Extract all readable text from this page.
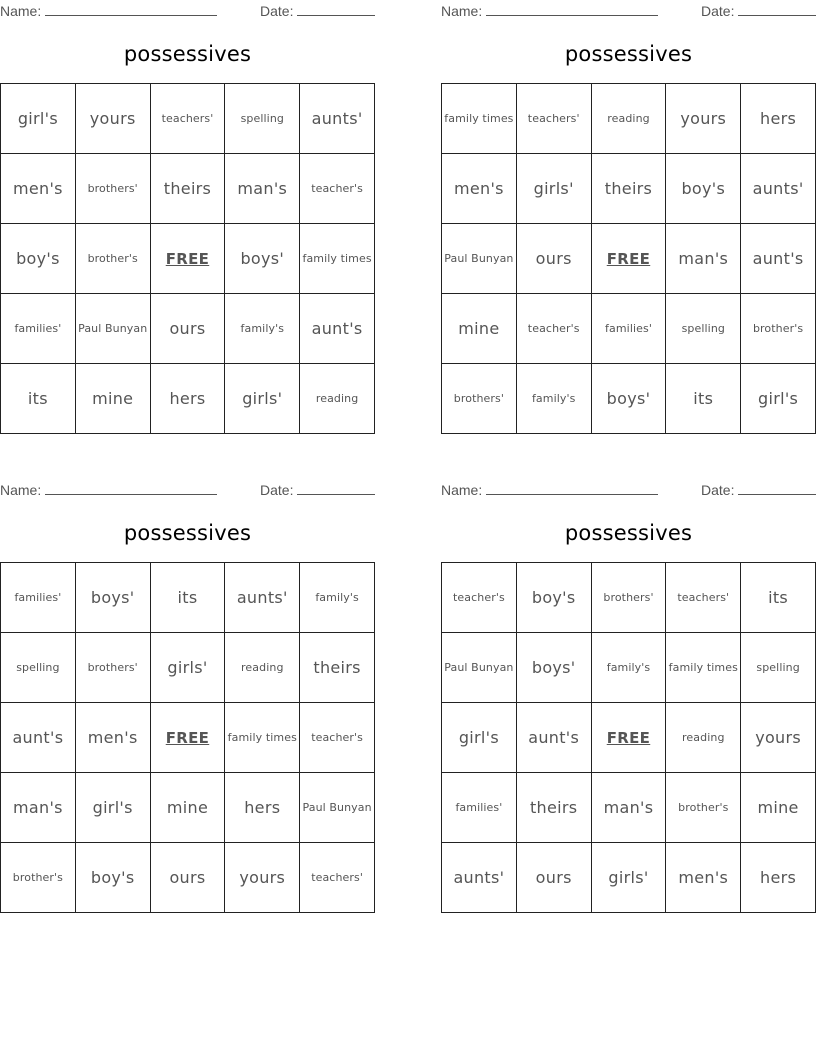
Name:	Date:
possessives
girl's	yours	teachers'	spelling	aunts'
men's	brothers'	theirs	man's	teacher's
boy's	brother's	FREE	boys'	family times
families'	Paul Bunyan	ours	family's	aunt's
its	mine	hers	girls'	reading
Name:	Date:
possessives
family times	teachers'	reading	yours	hers
men's	girls'	theirs	boy's	aunts'
Paul Bunyan	ours	FREE	man's	aunt's
mine	teacher's	families'	spelling	brother's
brothers'	family's	boys'	its	girl's
Name:	Date:
possessives
families'	boys'	its	aunts'	family's
spelling	brothers'	girls'	reading	theirs
aunt's	men's	FREE	family times	teacher's
man's	girl's	mine	hers	Paul Bunyan
brother's	boy's	ours	yours	teachers'
Name:	Date:
possessives
teacher's	boy's	brothers'	teachers'	its
Paul Bunyan	boys'	family's	family times	spelling
girl's	aunt's	FREE	reading	yours
families'	theirs	man's	brother's	mine
aunts'	ours	girls'	men's	hers
